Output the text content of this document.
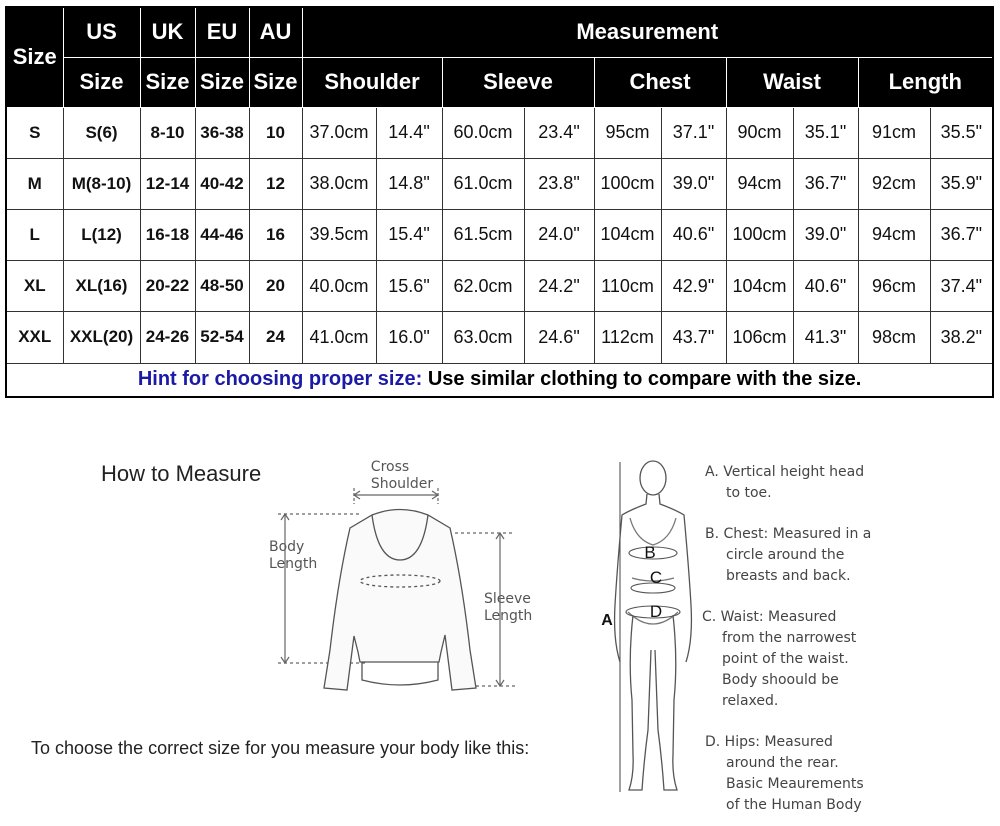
Size	US	UK	EU	AU	Measurement									
	Size	Size	Size	Size	Shoulder		Sleeve		Chest		Waist		Length	
S	S(6)	8-10	36-38	10	37.0cm	14.4"	60.0cm	23.4"	95cm	37.1"	90cm	35.1"	91cm	35.5"
M	M(8-10)	12-14	40-42	12	38.0cm	14.8"	61.0cm	23.8"	100cm	39.0"	94cm	36.7"	92cm	35.9"
L	L(12)	16-18	44-46	16	39.5cm	15.4"	61.5cm	24.0"	104cm	40.6"	100cm	39.0"	94cm	36.7"
XL	XL(16)	20-22	48-50	20	40.0cm	15.6"	62.0cm	24.2"	110cm	42.9"	104cm	40.6"	96cm	37.4"
XXL	XXL(20)	24-26	52-54	24	41.0cm	16.0"	63.0cm	24.6"	112cm	43.7"	106cm	41.3"	98cm	38.2"
Hint for choosing proper size: Use similar clothing to compare with the size.														
How to Measure
To choose the correct size for you measure your body like this:
Cross
Shoulder
Body
Length
Sleeve
Length
B
C
D
A
A. Vertical height head
to toe.
B. Chest: Measured in a
circle around the
breasts and back.
C. Waist: Measured
from the narrowest
point of the waist.
Body shoould be
relaxed.
D. Hips: Measured
around the rear.
Basic Meaurements
of the Human Body
